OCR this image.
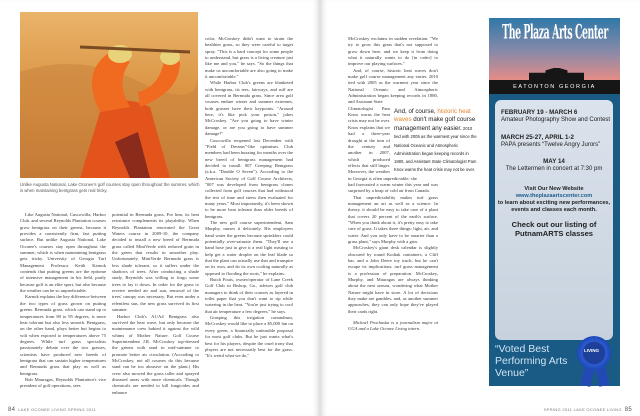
Unlike Augusta National, Lake Oconee's golf courses stay open throughout the summer, which is when maintaining bentgrass gets real tricky.

Like Augusta National, Cuscowilla, Harbor Club, and several Reynolds Plantation courses grow bentgrass on their greens, because it provides a consistently firm, fast putting surface. But unlike Augusta National, Lake Oconee's courses stay open throughout the summer, which is when maintaining bentgrass gets tricky. University of Georgia Turf Management Professor Keith Karnok contends that putting greens are the epitome of intensive management in his field, partly because golf is an elite sport, but also because the weather can be so unpredictable.

Karnok explains the key difference between the two types of grass grown on putting greens. Bermuda grass, which can stand up to temperatures from 80 to 95 degrees, is more heat tolerant but also less smooth. Bentgrass, on the other hand, plays better but begins to wilt when exposed to temperatures above 75 degrees. While turf grass specialists passionately debate over the two grasses, scientists have produced new breeds of bentgrass that can sustain higher temperatures and Bermuda grass that play as well as bentgrass.

Bob Mauragas, Reynolds Plantation's vice president of golf operations, sees

potential in Bermuda grass. For him, its heat resistance complements its playability. When Reynolds Plantation renovated the Great Waters course in 2009-10, the company decided to install a new breed of Bermuda grass called MiniVerde with reduced grain in the green that results in smoother play. Unfortunately, MiniVerde Bermuda grass is less shade tolerant, so it suffers under the shadows of trees. After conducting a shade study, Reynolds was willing to forgo some trees to lay it down. In order for the grass to receive needed air and sun, removal of the trees' canopy was necessary. But even under a relentless sun, the new grass survived its first summer.

Harbor Club's A1/A4 Bentgrass also survived the heat wave, but only because the maintenance crew babied it against the wild whims of Mother Nature. Golf Course Superintendent J.R. McCroskey top-dressed the greens with sand in mid-summer to promote better air circulation. (According to McCroskey, not all courses do this because sand can be too abrasive on the plant.) His crew also mowed the grass taller and sprayed diseased areas with more chemicals. Though chemicals are needed to kill fungicides and enhance

color, McCroskey didn't want to strain the healthier grass, so they were careful to target spray. "This is a hard concept for some people to understand, but grass is a living creature just like me and you," he says. "So the things that make us uncomfortable are also going to make it uncomfortable."

While Harbor Club's greens are blanketed with bentgrass, its tees, fairways, and ruff are all covered in Bermuda grass. Since area golf courses endure winter and summer extremes, both grasses have their keypoints. "Around here, it's like pick your poison," jokes McCroskey. "Are you going to have winter damage, or are you going to have summer damage?"

Cuscowilla reopened last December with "Field of Dreams"-like optimism. Club members had been buzzing for months over the new breed of bentgrass management had decided to install: 007 Creeping Bentgrass (a.k.a. "Double O Seven"). According to the American Society of Golf Course Architects, "007 was developed from bentgrass clones collected from golf courses that had withstood the test of time and stress then evaluated for many years." Most importantly, it's been shown to be more heat tolerant than older breeds of bentgrass.

The new golf course superintendent, Sam Murphy, nurses it delicately. His employees hand water the greens because sprinklers could potentially over-saturate them. "They'll use a hand hose just to give it a real light misting to help get a water droplet on the leaf blade so that the plant can actually use that and transpire on its own, and do its own cooling naturally as opposed to flooding the roots," he explains.

Butch Fouts, owner/operator of Lane Creek Golf Club in Bishop, Ga., advises golf club managers to think of their courses as layered in toilet paper that you don't want to rip while watering in the heat. "You're just trying to cool that air temperature a few degrees," he says.

Grasping this irrigation conundrum, McCroskey would like to place a $5,000 fan on every green, a financially unfeasible proposal for most golf clubs. But he just wants what's best for his players, despite the cruel irony that players are not necessarily best for the grass. "It's weird what we do,"

84 LAKE OCONEE LIVING SPRING 2011	SPRING 2011 LAKE OCONEE LIVING 85

McCroskey exclaims in sudden revelation. "We try to grow this grass that's not supposed to grow down here, and we keep it from doing what it naturally wants to do [in order] to improve our playing surfaces."

And, of course, historic heat waves don't make golf course management any easier. 2010 tied with 2005 as the warmest year since the National Oceanic and Atmospheric Administration began keeping records in 1880, and Assistant State

And, of course, historic heat waves don't make golf course management any easier. 2010 tied with 2005 as the warmest year since the National Oceanic and Atmospheric Administration began keeping records in 1880, and Assistant State Climatologist Pam Knox warns the heat crisis may not be over.

Climatologist Pam Knox warns the heat crisis may not be over. Knox explains that we had a three-year drought at the turn of the century and another in 2007, which produced effects that still linger. Moreover, the weather in Georgia is often unpredictable; she

had forecasted a warm winter this year and was surprised by a heap of cold air from Canada.

That unpredictability makes turf grass management an art as well as a science. In theory, it should be easy to take care of a plant that covers 20 percent of the earth's surface. "When you think about it, it's pretty easy to take care of grass. It takes three things: light, air, and water. And you only have to be smarter than a grass plant," says Murphy with a grin.

McCroskey's giant desk calendar is slightly obscured by round Kodiak containers, a Cliff bar, and a John Deere toy truck, but he can't escape its implications: turf grass management is a profession of preparation. McCroskey, Murphy, and Mauragas are always thinking about the next season, wondering what Mother Nature might have in store. A lot of decisions they make are gambles, and, as another summer approaches, they can only hope they've played their cards right.

Michael Prochaska is a journalism major at UGA and a Lake Oconee Living intern.

The Plaza Arts Center
EATONTON GEORGIA
FEBRUARY 19 - MARCH 6
Amateur Photography Show and Contest
MARCH 25-27, APRIL 1-2
PAPA presents “Twelve Angry Jurors”
MAY 14
The Lettermen in concert at 7:30 pm
Visit Our New Website
www.theplazaartscenter.com
to learn about exciting new performances, events and classes each month.
Check out our listing of PutnamARTS classes
“Voted Best Performing Arts Venue”
LIVING
